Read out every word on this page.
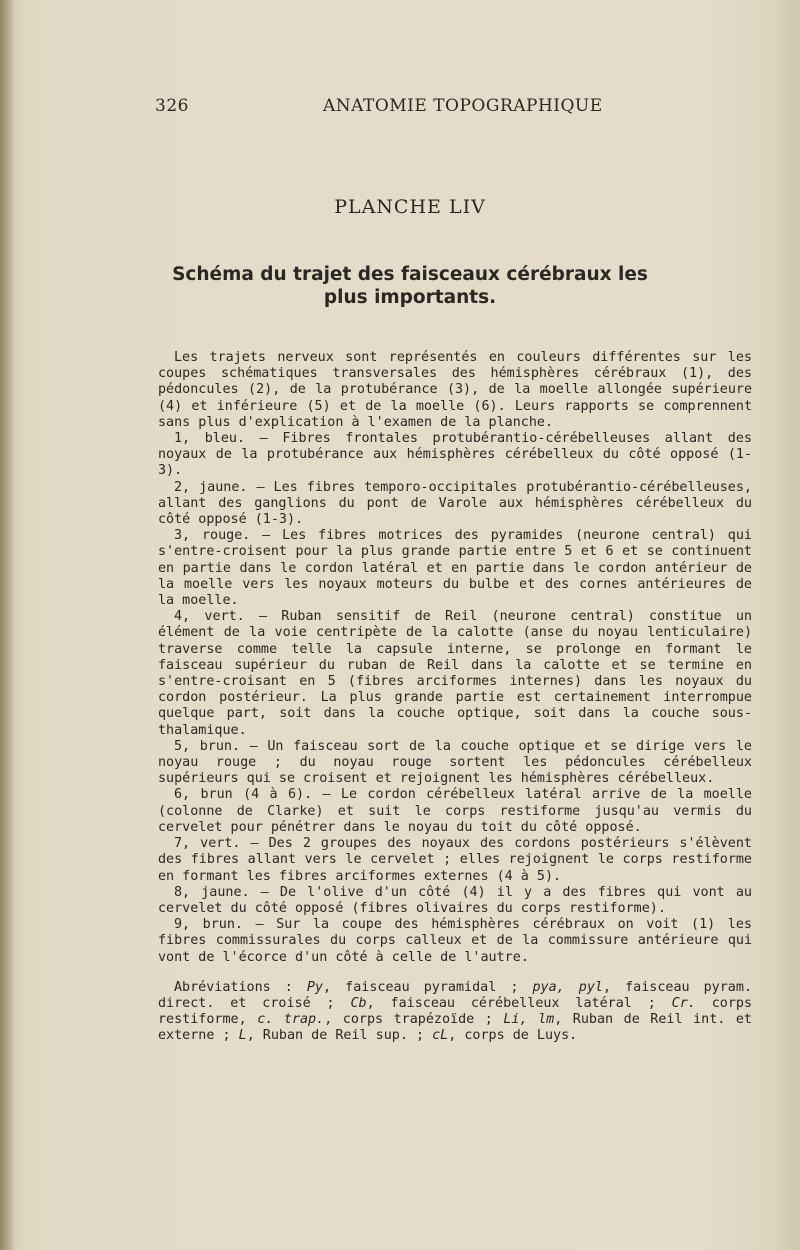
326	ANATOMIE TOPOGRAPHIQUE
PLANCHE LIV
Schéma du trajet des faisceaux cérébraux les plus importants.

Les trajets nerveux sont représentés en couleurs différentes sur les coupes schématiques transversales des hémisphères cérébraux (1), des pédoncules (2), de la protubérance (3), de la moelle allongée supérieure (4) et inférieure (5) et de la moelle (6). Leurs rapports se comprennent sans plus d'explication à l'examen de la planche.

1, bleu. — Fibres frontales protubérantio-cérébelleuses allant des noyaux de la protubérance aux hémisphères cérébelleux du côté opposé (1-3).

2, jaune. — Les fibres temporo-occipitales protubérantio-cérébelleuses, allant des ganglions du pont de Varole aux hémisphères cérébelleux du côté opposé (1-3).

3, rouge. — Les fibres motrices des pyramides (neurone central) qui s'entre-croisent pour la plus grande partie entre 5 et 6 et se continuent en partie dans le cordon latéral et en partie dans le cordon antérieur de la moelle vers les noyaux moteurs du bulbe et des cornes antérieures de la moelle.

4, vert. — Ruban sensitif de Reil (neurone central) constitue un élément de la voie centripète de la calotte (anse du noyau lenticulaire) traverse comme telle la capsule interne, se prolonge en formant le faisceau supérieur du ruban de Reil dans la calotte et se termine en s'entre-croisant en 5 (fibres arciformes internes) dans les noyaux du cordon postérieur. La plus grande partie est certainement interrompue quelque part, soit dans la couche optique, soit dans la couche sous-thalamique.

5, brun. — Un faisceau sort de la couche optique et se dirige vers le noyau rouge ; du noyau rouge sortent les pédoncules cérébelleux supérieurs qui se croisent et rejoignent les hémisphères cérébelleux.

6, brun (4 à 6). — Le cordon cérébelleux latéral arrive de la moelle (colonne de Clarke) et suit le corps restiforme jusqu'au vermis du cervelet pour pénétrer dans le noyau du toit du côté opposé.

7, vert. — Des 2 groupes des noyaux des cordons postérieurs s'élèvent des fibres allant vers le cervelet ; elles rejoignent le corps restiforme en formant les fibres arciformes externes (4 à 5).

8, jaune. — De l'olive d'un côté (4) il y a des fibres qui vont au cervelet du côté opposé (fibres olivaires du corps restiforme).

9, brun. — Sur la coupe des hémisphères cérébraux on voit (1) les fibres commissurales du corps calleux et de la commissure antérieure qui vont de l'écorce d'un côté à celle de l'autre.

Abréviations : Py, faisceau pyramidal ; pya, pyl, faisceau pyram. direct. et croisé ; Cb, faisceau cérébelleux latéral ; Cr. corps restiforme, c. trap., corps trapézoïde ; Li, lm, Ruban de Reil int. et externe ; L, Ruban de Reil sup. ; cL, corps de Luys.
